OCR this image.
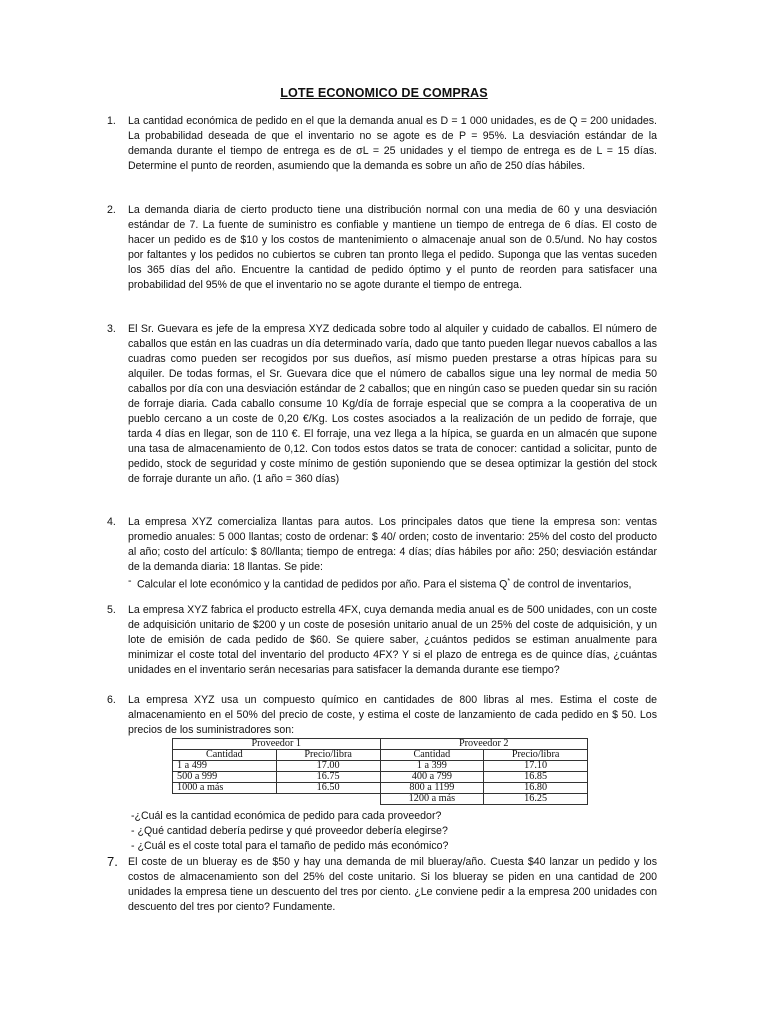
LOTE ECONOMICO DE COMPRAS
1.	La cantidad económica de pedido en el que la demanda anual es D = 1 000 unidades, es de Q = 200 unidades. La probabilidad deseada de que el inventario no se agote es de P = 95%. La desviación estándar de la demanda durante el tiempo de entrega es de σL = 25 unidades y el tiempo de entrega es de L = 15 días. Determine el punto de reorden, asumiendo que la demanda es sobre un año de 250 días hábiles.
2.	La demanda diaria de cierto producto tiene una distribución normal con una media de 60 y una desviación estándar de 7. La fuente de suministro es confiable y mantiene un tiempo de entrega de 6 días. El costo de hacer un pedido es de $10 y los costos de mantenimiento o almacenaje anual son de 0.5/und. No hay costos por faltantes y los pedidos no cubiertos se cubren tan pronto llega el pedido. Suponga que las ventas suceden los 365 días del año. Encuentre la cantidad de pedido óptimo y el punto de reorden para satisfacer una probabilidad del 95% de que el inventario no se agote durante el tiempo de entrega.
3.	El Sr. Guevara es jefe de la empresa XYZ dedicada sobre todo al alquiler y cuidado de caballos. El número de caballos que están en las cuadras un día determinado varía, dado que tanto pueden llegar nuevos caballos a las cuadras como pueden ser recogidos por sus dueños, así mismo pueden prestarse a otras hípicas para su alquiler. De todas formas, el Sr. Guevara dice que el número de caballos sigue una ley normal de media 50 caballos por día con una desviación estándar de 2 caballos; que en ningún caso se pueden quedar sin su ración de forraje diaria. Cada caballo consume 10 Kg/día de forraje especial que se compra a la cooperativa de un pueblo cercano a un coste de 0,20 €/Kg. Los costes asociados a la realización de un pedido de forraje, que tarda 4 días en llegar, son de 110 €. El forraje, una vez llega a la hípica, se guarda en un almacén que supone una tasa de almacenamiento de 0,12. Con todos estos datos se trata de conocer: cantidad a solicitar, punto de pedido, stock de seguridad y coste mínimo de gestión suponiendo que se desea optimizar la gestión del stock de forraje durante un año. (1 año = 360 días)
4.	La empresa XYZ comercializa llantas para autos. Los principales datos que tiene la empresa son: ventas promedio anuales: 5 000 llantas; costo de ordenar: $ 40/ orden; costo de inventario: 25% del costo del producto al año; costo del artículo: $ 80/llanta; tiempo de entrega: 4 días; días hábiles por año: 250; desviación estándar de la demanda diaria: 18 llantas. Se pide:
- Calcular el lote económico y la cantidad de pedidos por año. Para el sistema Q* de control de inventarios,
5.	La empresa XYZ fabrica el producto estrella 4FX, cuya demanda media anual es de 500 unidades, con un coste de adquisición unitario de $200 y un coste de posesión unitario anual de un 25% del coste de adquisición, y un lote de emisión de cada pedido de $60. Se quiere saber, ¿cuántos pedidos se estiman anualmente para minimizar el coste total del inventario del producto 4FX? Y si el plazo de entrega es de quince días, ¿cuántas unidades en el inventario serán necesarias para satisfacer la demanda durante ese tiempo?
6.	La empresa XYZ usa un compuesto químico en cantidades de 800 libras al mes. Estima el coste de almacenamiento en el 50% del precio de coste, y estima el coste de lanzamiento de cada pedido en $ 50. Los precios de los suministradores son:
Proveedor 1		Proveedor 2	
Cantidad	Precio/libra	Cantidad	Precio/libra
1 a 499	17.00	1 a 399	17.10
500 a 999	16.75	400 a 799	16.85
1000 a más	16.50	800 a 1199	16.80
		1200 a más	16.25
-¿Cuál es la cantidad económica de pedido para cada proveedor?
- ¿Qué cantidad debería pedirse y qué proveedor debería elegirse?
- ¿Cuál es el coste total para el tamaño de pedido más económico?
7. El coste de un blueray es de $50 y hay una demanda de mil blueray/año. Cuesta $40 lanzar un pedido y los costos de almacenamiento son del 25% del coste unitario. Si los blueray se piden en una cantidad de 200 unidades la empresa tiene un descuento del tres por ciento. ¿Le conviene pedir a la empresa 200 unidades con descuento del tres por ciento? Fundamente.
